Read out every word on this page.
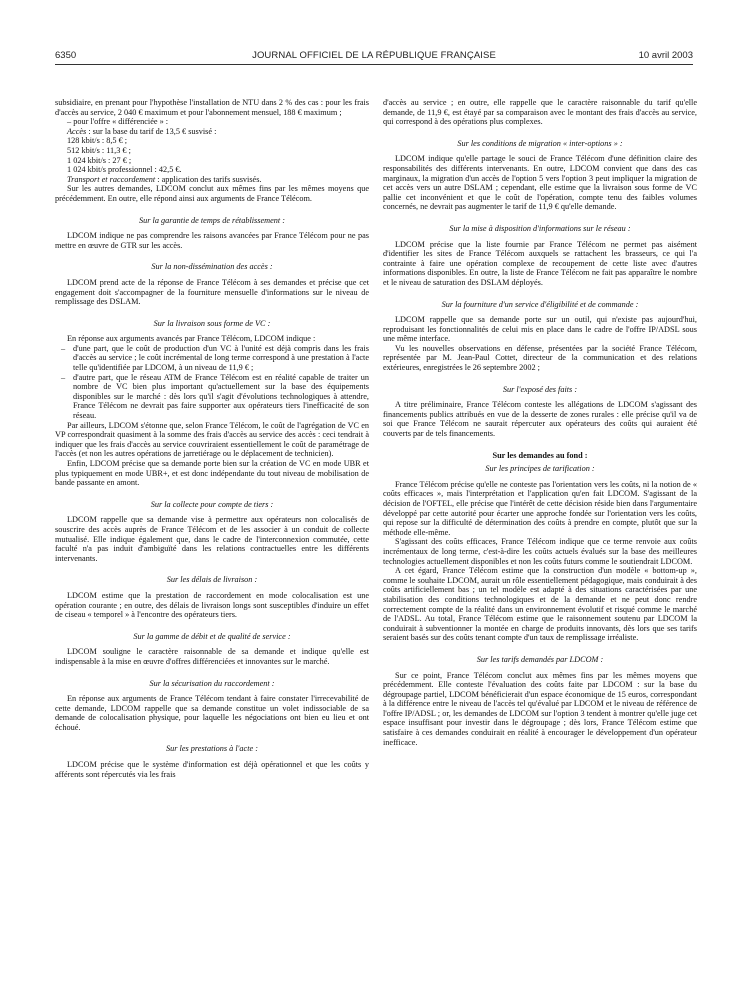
6350	JOURNAL OFFICIEL DE LA RÉPUBLIQUE FRANÇAISE	10 avril 2003

subsidiaire, en prenant pour l'hypothèse l'installation de NTU dans 2 % des cas : pour les frais d'accès au service, 2 040 € maximum et pour l'abonnement mensuel, 188 € maximum ;

– pour l'offre « différenciée » :

Accès : sur la base du tarif de 13,5 € susvisé :

128 kbit/s : 8,5 € ;

512 kbit/s : 11,3 € ;

1 024 kbit/s : 27 € ;

1 024 kbit/s professionnel : 42,5 €.

Transport et raccordement : application des tarifs susvisés.

Sur les autres demandes, LDCOM conclut aux mêmes fins par les mêmes moyens que précédemment. En outre, elle répond ainsi aux arguments de France Télécom.

Sur la garantie de temps de rétablissement :

LDCOM indique ne pas comprendre les raisons avancées par France Télécom pour ne pas mettre en œuvre de GTR sur les accès.

Sur la non-dissémination des accès :

LDCOM prend acte de la réponse de France Télécom à ses demandes et précise que cet engagement doit s'accompagner de la fourniture mensuelle d'informations sur le niveau de remplissage des DSLAM.

Sur la livraison sous forme de VC :

En réponse aux arguments avancés par France Télécom, LDCOM indique :

– d'une part, que le coût de production d'un VC à l'unité est déjà compris dans les frais d'accès au service ; le coût incrémental de long terme correspond à une prestation à l'acte telle qu'identifiée par LDCOM, à un niveau de 11,9 € ;
– d'autre part, que le réseau ATM de France Télécom est en réalité capable de traiter un nombre de VC bien plus important qu'actuellement sur la base des équipements disponibles sur le marché : dès lors qu'il s'agit d'évolutions technologiques à attendre, France Télécom ne devrait pas faire supporter aux opérateurs tiers l'inefficacité de son réseau.

Par ailleurs, LDCOM s'étonne que, selon France Télécom, le coût de l'agrégation de VC en VP correspondrait quasiment à la somme des frais d'accès au service des accès : ceci tendrait à indiquer que les frais d'accès au service couvriraient essentiellement le coût de paramétrage de l'accès (et non les autres opérations de jarretiérage ou le déplacement de technicien).

Enfin, LDCOM précise que sa demande porte bien sur la création de VC en mode UBR et plus typiquement en mode UBR+, et est donc indépendante du tout niveau de mobilisation de bande passante en amont.

Sur la collecte pour compte de tiers :

LDCOM rappelle que sa demande vise à permettre aux opérateurs non colocalisés de souscrire des accès auprès de France Télécom et de les associer à un conduit de collecte mutualisé. Elle indique également que, dans le cadre de l'interconnexion commutée, cette faculté n'a pas induit d'ambiguïté dans les relations contractuelles entre les différents intervenants.

Sur les délais de livraison :

LDCOM estime que la prestation de raccordement en mode colocalisation est une opération courante ; en outre, des délais de livraison longs sont susceptibles d'induire un effet de ciseau « temporel » à l'encontre des opérateurs tiers.

Sur la gamme de débit et de qualité de service :

LDCOM souligne le caractère raisonnable de sa demande et indique qu'elle est indispensable à la mise en œuvre d'offres différenciées et innovantes sur le marché.

Sur la sécurisation du raccordement :

En réponse aux arguments de France Télécom tendant à faire constater l'irrecevabilité de cette demande, LDCOM rappelle que sa demande constitue un volet indissociable de sa demande de colocalisation physique, pour laquelle les négociations ont bien eu lieu et ont échoué.

Sur les prestations à l'acte :

LDCOM précise que le système d'information est déjà opérationnel et que les coûts y afférents sont répercutés via les frais

d'accès au service ; en outre, elle rappelle que le caractère raisonnable du tarif qu'elle demande, de 11,9 €, est étayé par sa comparaison avec le montant des frais d'accès au service, qui correspond à des opérations plus complexes.

Sur les conditions de migration « inter-options » :

LDCOM indique qu'elle partage le souci de France Télécom d'une définition claire des responsabilités des différents intervenants. En outre, LDCOM convient que dans des cas marginaux, la migration d'un accès de l'option 5 vers l'option 3 peut impliquer la migration de cet accès vers un autre DSLAM ; cependant, elle estime que la livraison sous forme de VC pallie cet inconvénient et que le coût de l'opération, compte tenu des faibles volumes concernés, ne devrait pas augmenter le tarif de 11,9 € qu'elle demande.

Sur la mise à disposition d'informations sur le réseau :

LDCOM précise que la liste fournie par France Télécom ne permet pas aisément d'identifier les sites de France Télécom auxquels se rattachent les brasseurs, ce qui l'a contrainte à faire une opération complexe de recoupement de cette liste avec d'autres informations disponibles. En outre, la liste de France Télécom ne fait pas apparaître le nombre et le niveau de saturation des DSLAM déployés.

Sur la fourniture d'un service d'éligibilité et de commande :

LDCOM rappelle que sa demande porte sur un outil, qui n'existe pas aujourd'hui, reproduisant les fonctionnalités de celui mis en place dans le cadre de l'offre IP/ADSL sous une même interface.

Vu les nouvelles observations en défense, présentées par la société France Télécom, représentée par M. Jean-Paul Cottet, directeur de la communication et des relations extérieures, enregistrées le 26 septembre 2002 ;

Sur l'exposé des faits :

A titre préliminaire, France Télécom conteste les allégations de LDCOM s'agissant des financements publics attribués en vue de la desserte de zones rurales : elle précise qu'il va de soi que France Télécom ne saurait répercuter aux opérateurs des coûts qui auraient été couverts par de tels financements.

Sur les demandes au fond :

Sur les principes de tarification :

France Télécom précise qu'elle ne conteste pas l'orientation vers les coûts, ni la notion de « coûts efficaces », mais l'interprétation et l'application qu'en fait LDCOM. S'agissant de la décision de l'OFTEL, elle précise que l'intérêt de cette décision réside bien dans l'argumentaire développé par cette autorité pour écarter une approche fondée sur l'orientation vers les coûts, qui repose sur la difficulté de détermination des coûts à prendre en compte, plutôt que sur la méthode elle-même.

S'agissant des coûts efficaces, France Télécom indique que ce terme renvoie aux coûts incrémentaux de long terme, c'est-à-dire les coûts actuels évalués sur la base des meilleures technologies actuellement disponibles et non les coûts futurs comme le soutiendrait LDCOM.

A cet égard, France Télécom estime que la construction d'un modèle « bottom-up », comme le souhaite LDCOM, aurait un rôle essentiellement pédagogique, mais conduirait à des coûts artificiellement bas ; un tel modèle est adapté à des situations caractérisées par une stabilisation des conditions technologiques et de la demande et ne peut donc rendre correctement compte de la réalité dans un environnement évolutif et risqué comme le marché de l'ADSL. Au total, France Télécom estime que le raisonnement soutenu par LDCOM la conduirait à subventionner la montée en charge de produits innovants, dès lors que ses tarifs seraient basés sur des coûts tenant compte d'un taux de remplissage irréaliste.

Sur les tarifs demandés par LDCOM :

Sur ce point, France Télécom conclut aux mêmes fins par les mêmes moyens que précédemment. Elle conteste l'évaluation des coûts faite par LDCOM : sur la base du dégroupage partiel, LDCOM bénéficierait d'un espace économique de 15 euros, correspondant à la différence entre le niveau de l'accès tel qu'évalué par LDCOM et le niveau de référence de l'offre IP/ADSL ; or, les demandes de LDCOM sur l'option 3 tendent à montrer qu'elle juge cet espace insuffisant pour investir dans le dégroupage ; dès lors, France Télécom estime que satisfaire à ces demandes conduirait en réalité à encourager le développement d'un opérateur inefficace.
